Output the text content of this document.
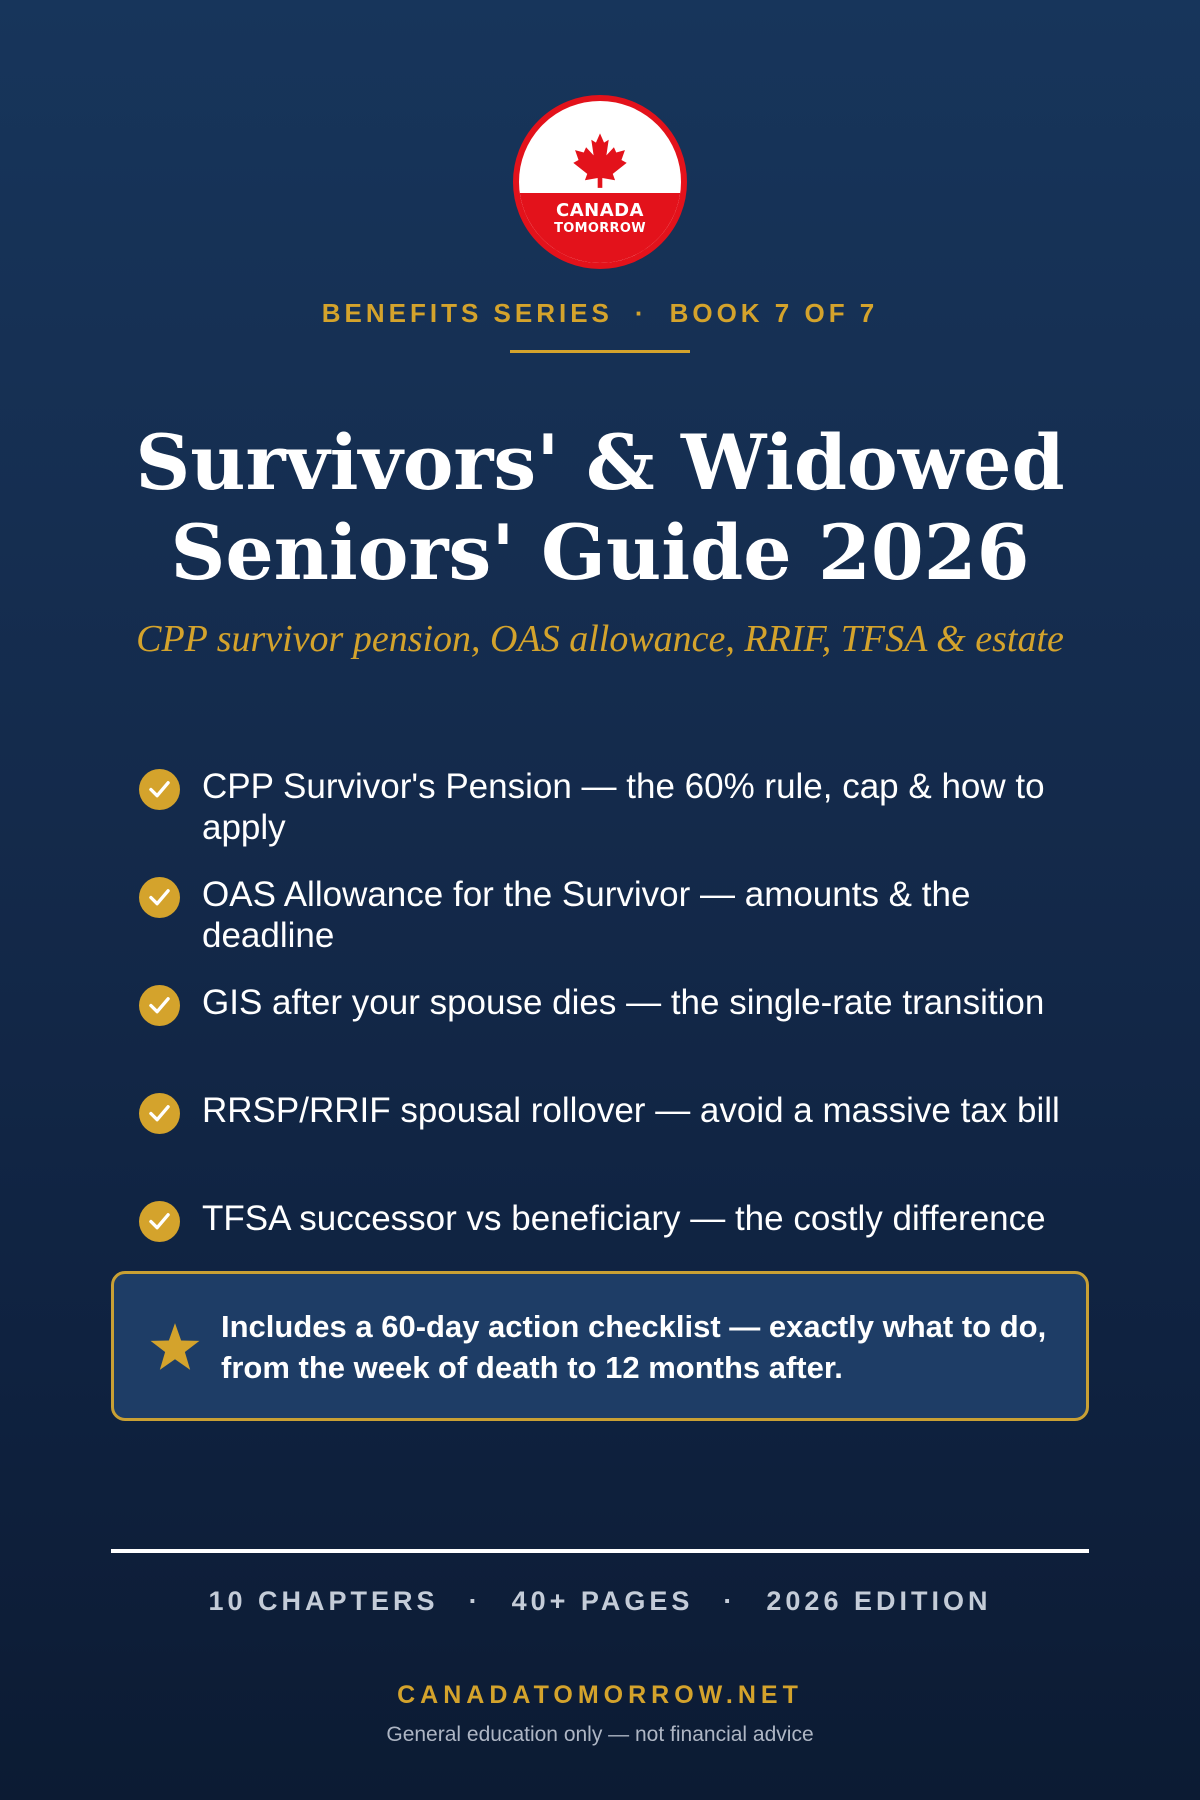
CANADA
TOMORROW
BENEFITS SERIES · BOOK 7 OF 7
Survivors' & Widowed
Seniors' Guide 2026

CPP survivor pension, OAS allowance, RRIF, TFSA & estate

CPP Survivor's Pension — the 60% rule, cap & how to apply
OAS Allowance for the Survivor — amounts & the deadline
GIS after your spouse dies — the single-rate transition
RRSP/RRIF spousal rollover — avoid a massive tax bill
TFSA successor vs beneficiary — the costly difference
Includes a 60-day action checklist — exactly what to do, from the week of death to 12 months after.
10 CHAPTERS · 40+ PAGES · 2026 EDITION
CANADATOMORROW.NET
General education only — not financial advice
